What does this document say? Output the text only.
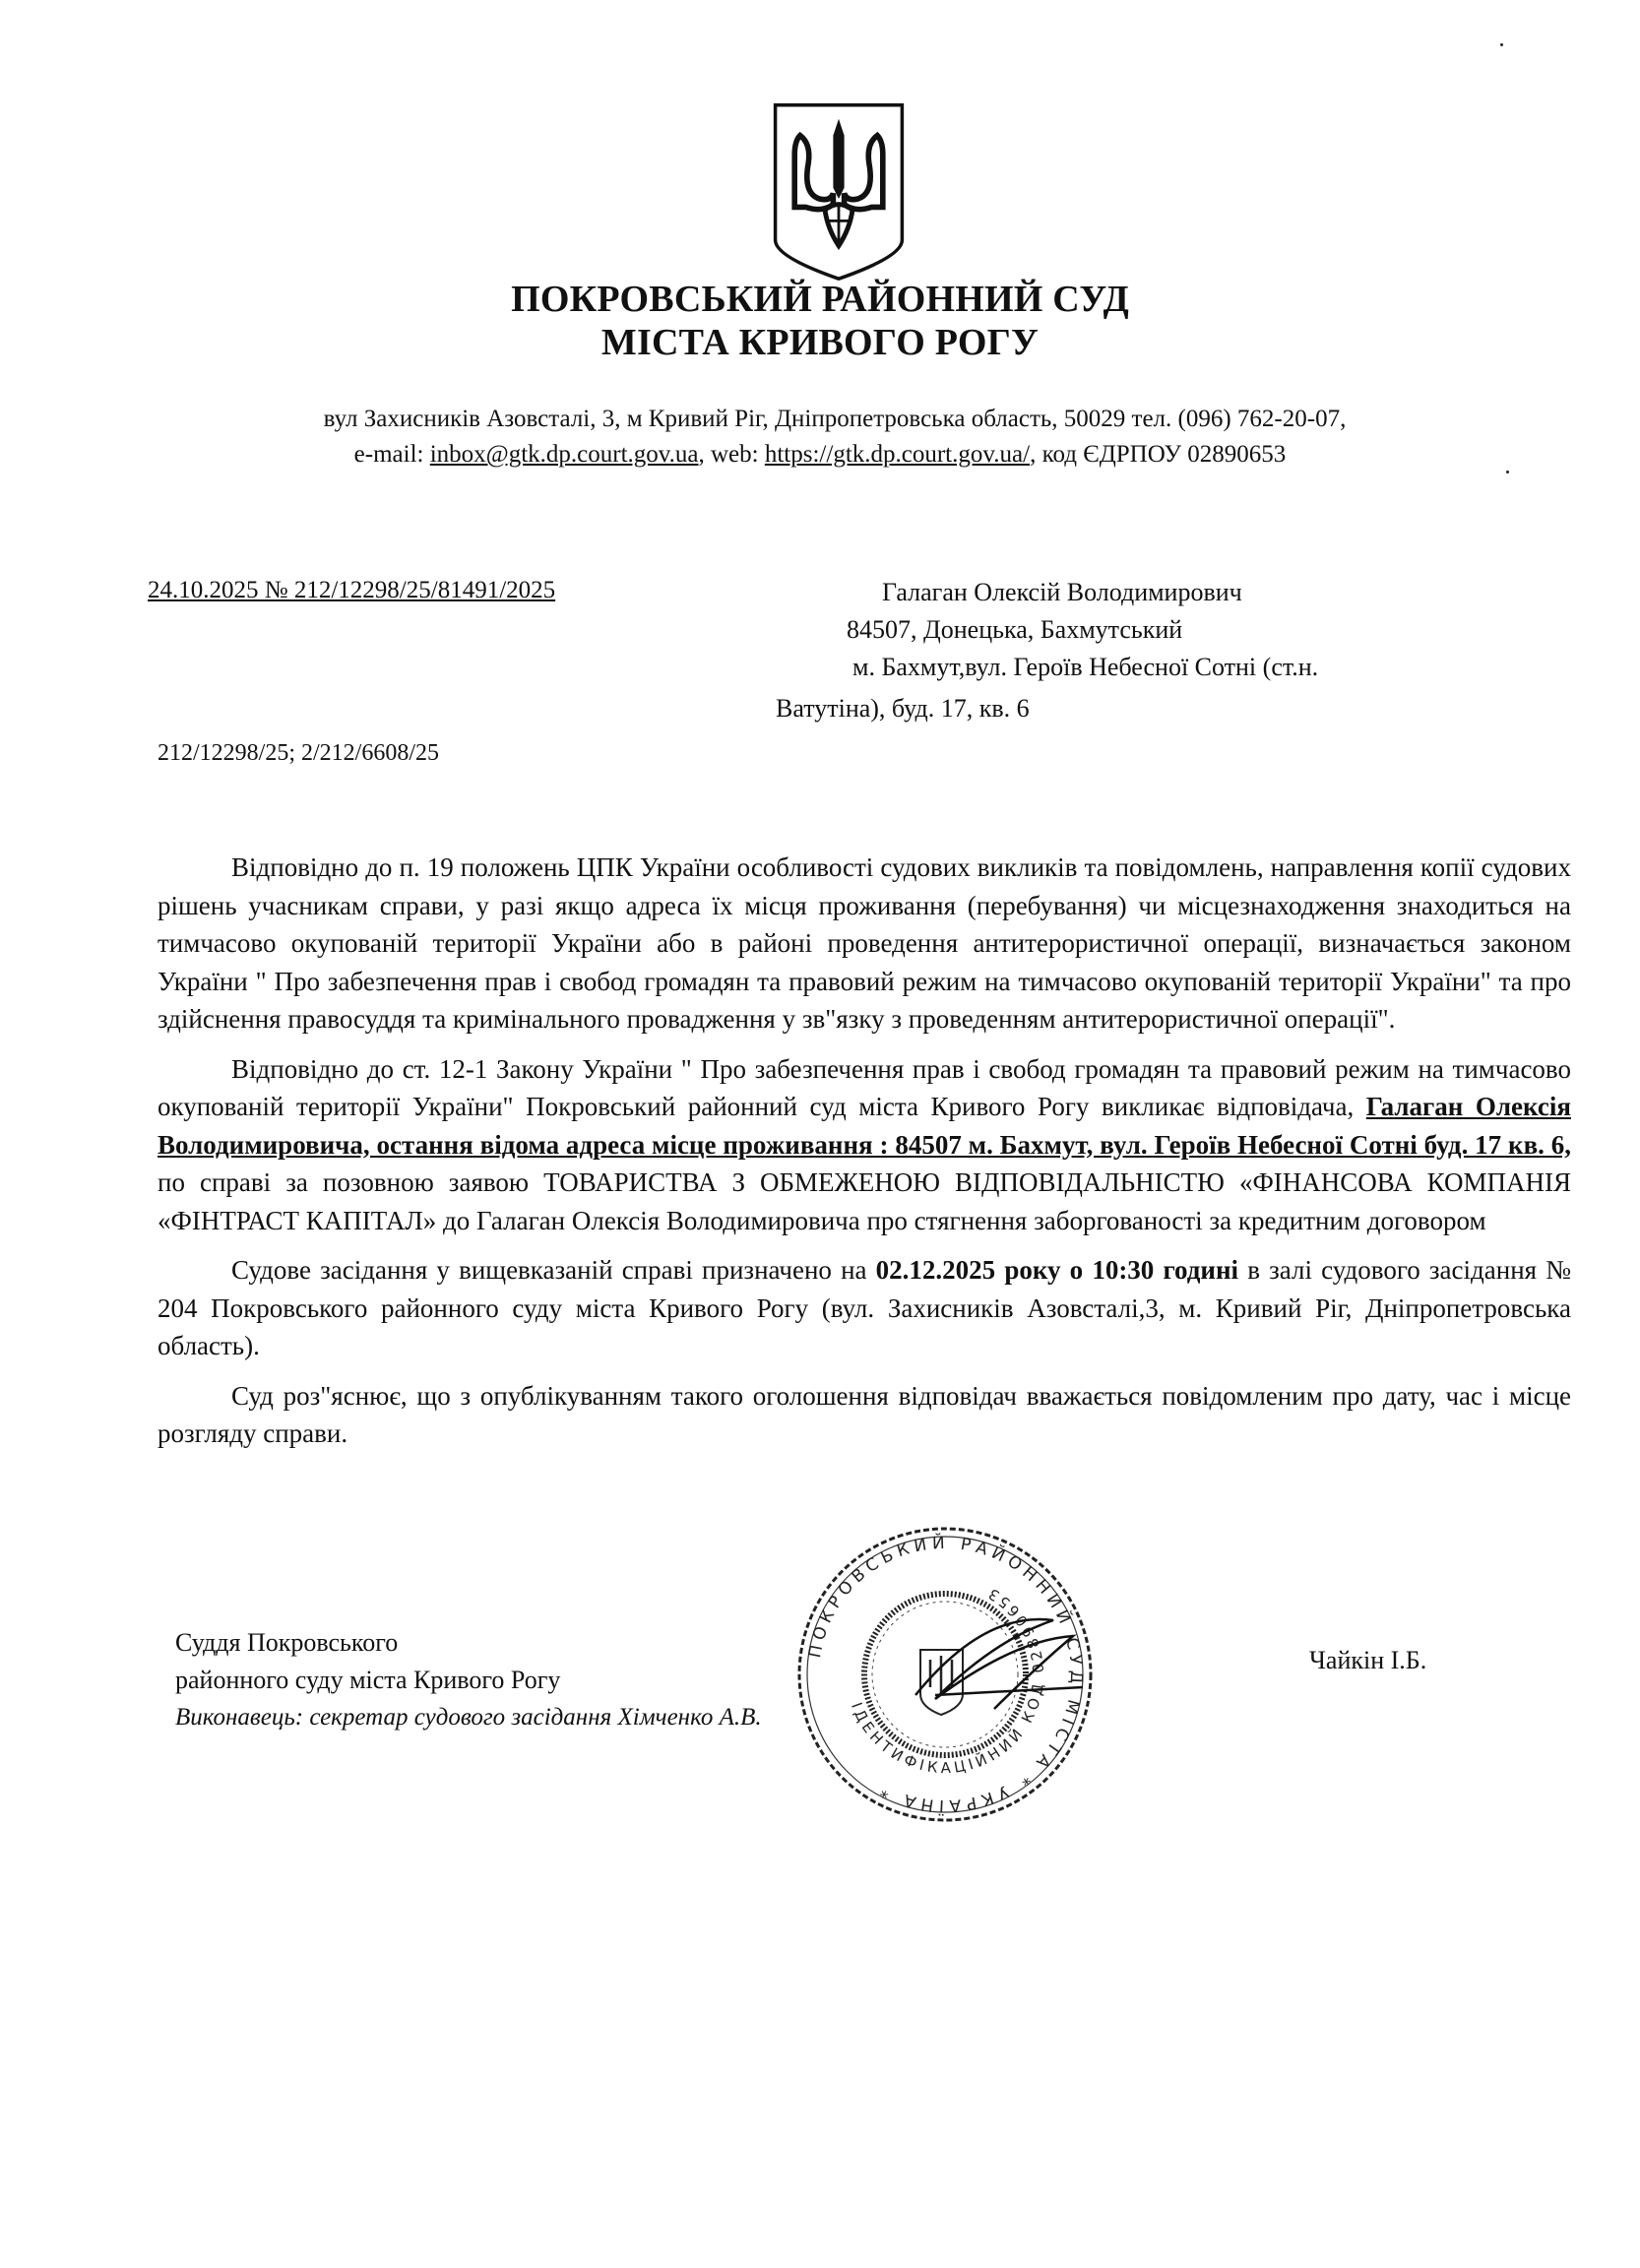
ПОКРОВСЬКИЙ РАЙОННИЙ СУД
МІСТА КРИВОГО РОГУ
вул Захисників Азовсталі, 3, м Кривий Ріг, Дніпропетровська область, 50029 тел. (096) 762-20-07,
e-mail: inbox@gtk.dp.court.gov.ua, web: https://gtk.dp.court.gov.ua/, код ЄДРПОУ 02890653
24.10.2025 № 212/12298/25/81491/2025	Галаган Олексій Володимирович
84507, Донецька, Бахмутський
м. Бахмут,вул. Героїв Небесної Сотні (ст.н.
Ватутіна), буд. 17, кв. 6
212/12298/25; 2/212/6608/25

Відповідно до п. 19 положень ЦПК України особливості судових викликів та повідомлень, направлення копії судових рішень учасникам справи, у разі якщо адреса їх місця проживання (перебування) чи місцезнаходження знаходиться на тимчасово окупованій території України або в районі проведення антитерористичної операції, визначається законом України " Про забезпечення прав і свобод громадян та правовий режим на тимчасово окупованій території України" та про здійснення правосуддя та кримінального провадження у зв"язку з проведенням антитерористичної операції".

Відповідно до ст. 12-1 Закону України " Про забезпечення прав і свобод громадян та правовий режим на тимчасово окупованій території України" Покровський районний суд міста Кривого Рогу викликає відповідача, Галаган Олексія Володимировича, остання відома адреса місце проживання : 84507 м. Бахмут, вул. Героїв Небесної Сотні буд. 17 кв. 6, по справі за позовною заявою ТОВАРИСТВА З ОБМЕЖЕНОЮ ВІДПОВІДАЛЬНІСТЮ «ФІНАНСОВА КОМПАНІЯ «ФІНТРАСТ КАПІТАЛ» до Галаган Олексія Володимировича про стягнення заборгованості за кредитним договором

Судове засідання у вищевказаній справі призначено на 02.12.2025 року о 10:30 годині в залі судового засідання № 204 Покровського районного суду міста Кривого Рогу (вул. Захисників Азовсталі,3, м. Кривий Ріг, Дніпропетровська область).

Суд роз"яснює, що з опублікуванням такого оголошення відповідач вважається повідомленим про дату, час і місце розгляду справи.

Суддя Покровського
районного суду міста Кривого Рогу
Виконавець: секретар судового засідання Хімченко А.В.
Чайкін І.Б.
ПОКРОВСЬКИЙ РАЙОННИЙ СУД МІСТА * УКРАЇНА *
ІДЕНТИФІКАЦІЙНИЙ КОД 02890653
